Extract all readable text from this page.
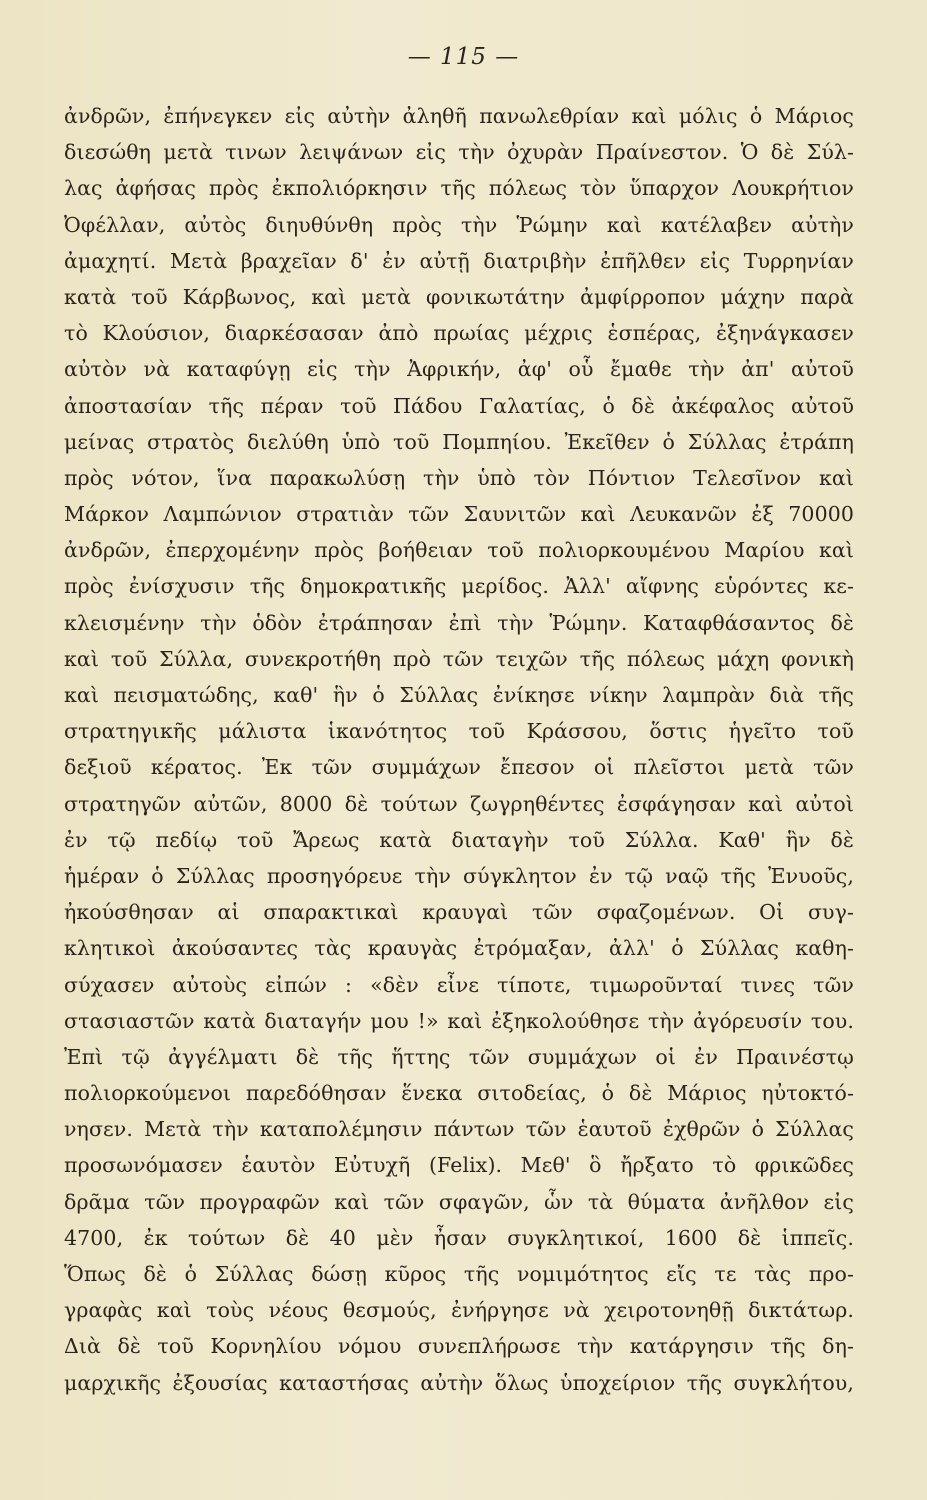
— 115 —
ἀνδρῶν, ἐπήνεγκεν εἰς αὐτὴν ἀληθῆ πανωλεθρίαν καὶ μόλις ὁ Μάριος
διεσώθη μετὰ τινων λειψάνων εἰς τὴν ὀχυρὰν Πραίνεστον. Ὁ δὲ Σύλ-
λας ἀφήσας πρὸς ἐκπολιόρκησιν τῆς πόλεως τὸν ὕπαρχον Λουκρήτιον
Ὀφέλλαν, αὐτὸς διηυθύνθη πρὸς τὴν Ῥώμην καὶ κατέλαβεν αὐτὴν
ἀμαχητί. Μετὰ βραχεῖαν δ' ἐν αὐτῇ διατριβὴν ἐπῆλθεν εἰς Τυρρηνίαν
κατὰ τοῦ Κάρβωνος, καὶ μετὰ φονικωτάτην ἀμφίρροπον μάχην παρὰ
τὸ Κλούσιον, διαρκέσασαν ἀπὸ πρωίας μέχρις ἑσπέρας, ἐξηνάγκασεν
αὐτὸν νὰ καταφύγῃ εἰς τὴν Ἀφρικήν, ἀφ' οὗ ἔμαθε τὴν ἀπ' αὐτοῦ
ἀποστασίαν τῆς πέραν τοῦ Πάδου Γαλατίας, ὁ δὲ ἀκέφαλος αὐτοῦ
μείνας στρατὸς διελύθη ὑπὸ τοῦ Πομπηίου. Ἐκεῖθεν ὁ Σύλλας ἐτράπη
πρὸς νότον, ἵνα παρακωλύσῃ τὴν ὑπὸ τὸν Πόντιον Τελεσῖνον καὶ
Μάρκον Λαμπώνιον στρατιὰν τῶν Σαυνιτῶν καὶ Λευκανῶν ἐξ 70000
ἀνδρῶν, ἐπερχομένην πρὸς βοήθειαν τοῦ πολιορκουμένου Μαρίου καὶ
πρὸς ἐνίσχυσιν τῆς δημοκρατικῆς μερίδος. Ἀλλ' αἴφνης εὑρόντες κε-
κλεισμένην τὴν ὁδὸν ἐτράπησαν ἐπὶ τὴν Ῥώμην. Καταφθάσαντος δὲ
καὶ τοῦ Σύλλα, συνεκροτήθη πρὸ τῶν τειχῶν τῆς πόλεως μάχη φονικὴ
καὶ πεισματώδης, καθ' ἣν ὁ Σύλλας ἐνίκησε νίκην λαμπρὰν διὰ τῆς
στρατηγικῆς μάλιστα ἱκανότητος τοῦ Κράσσου, ὅστις ἡγεῖτο τοῦ
δεξιοῦ κέρατος. Ἐκ τῶν συμμάχων ἔπεσον οἱ πλεῖστοι μετὰ τῶν
στρατηγῶν αὐτῶν, 8000 δὲ τούτων ζωγρηθέντες ἐσφάγησαν καὶ αὐτοὶ
ἐν τῷ πεδίῳ τοῦ Ἄρεως κατὰ διαταγὴν τοῦ Σύλλα. Καθ' ἣν δὲ
ἡμέραν ὁ Σύλλας προσηγόρευε τὴν σύγκλητον ἐν τῷ ναῷ τῆς Ἐνυοῦς,
ἠκούσθησαν αἱ σπαρακτικαὶ κραυγαὶ τῶν σφαζομένων. Οἱ συγ-
κλητικοὶ ἀκούσαντες τὰς κραυγὰς ἐτρόμαξαν, ἀλλ' ὁ Σύλλας καθη-
σύχασεν αὐτοὺς εἰπών : «δὲν εἶνε τίποτε, τιμωροῦνταί τινες τῶν
στασιαστῶν κατὰ διαταγήν μου !» καὶ ἐξηκολούθησε τὴν ἀγόρευσίν του.
Ἐπὶ τῷ ἀγγέλματι δὲ τῆς ἥττης τῶν συμμάχων οἱ ἐν Πραινέστῳ
πολιορκούμενοι παρεδόθησαν ἕνεκα σιτοδείας, ὁ δὲ Μάριος ηὐτοκτό-
νησεν. Μετὰ τὴν καταπολέμησιν πάντων τῶν ἑαυτοῦ ἐχθρῶν ὁ Σύλλας
προσωνόμασεν ἑαυτὸν Εὐτυχῆ (Felix). Μεθ' ὃ ἤρξατο τὸ φρικῶδες
δρᾶμα τῶν προγραφῶν καὶ τῶν σφαγῶν, ὧν τὰ θύματα ἀνῆλθον εἰς
4700, ἐκ τούτων δὲ 40 μὲν ἦσαν συγκλητικοί, 1600 δὲ ἱππεῖς.
Ὅπως δὲ ὁ Σύλλας δώσῃ κῦρος τῆς νομιμότητος εἴς τε τὰς προ-
γραφὰς καὶ τοὺς νέους θεσμούς, ἐνήργησε νὰ χειροτονηθῇ δικτάτωρ.
Διὰ δὲ τοῦ Κορνηλίου νόμου συνεπλήρωσε τὴν κατάργησιν τῆς δη-
μαρχικῆς ἐξουσίας καταστήσας αὐτὴν ὅλως ὑποχείριον τῆς συγκλήτου,
